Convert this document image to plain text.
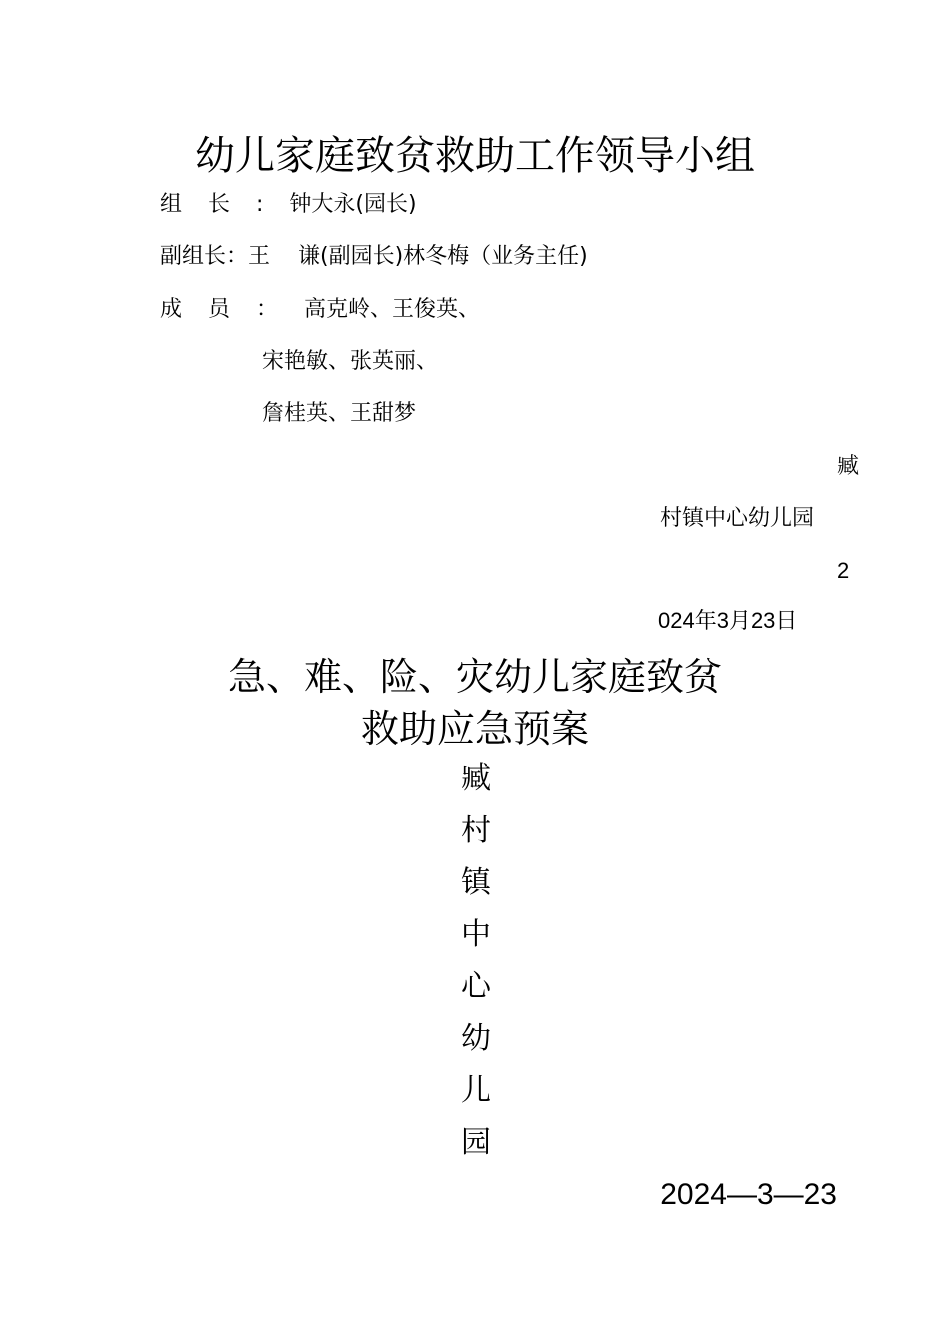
幼儿家庭致贫救助工作领导小组
组长:钟大永(园长)
副组长：王    谦(副园长)林冬梅（业务主任)
成员：高克岭、王俊英、
宋艳敏、张英丽、
詹桂英、王甜梦
臧
村镇中心幼儿园
2
024年3月23日
急、难、险、灾幼儿家庭致贫
救助应急预案
臧
村
镇
中
心
幼
儿
园
2024—3—23
